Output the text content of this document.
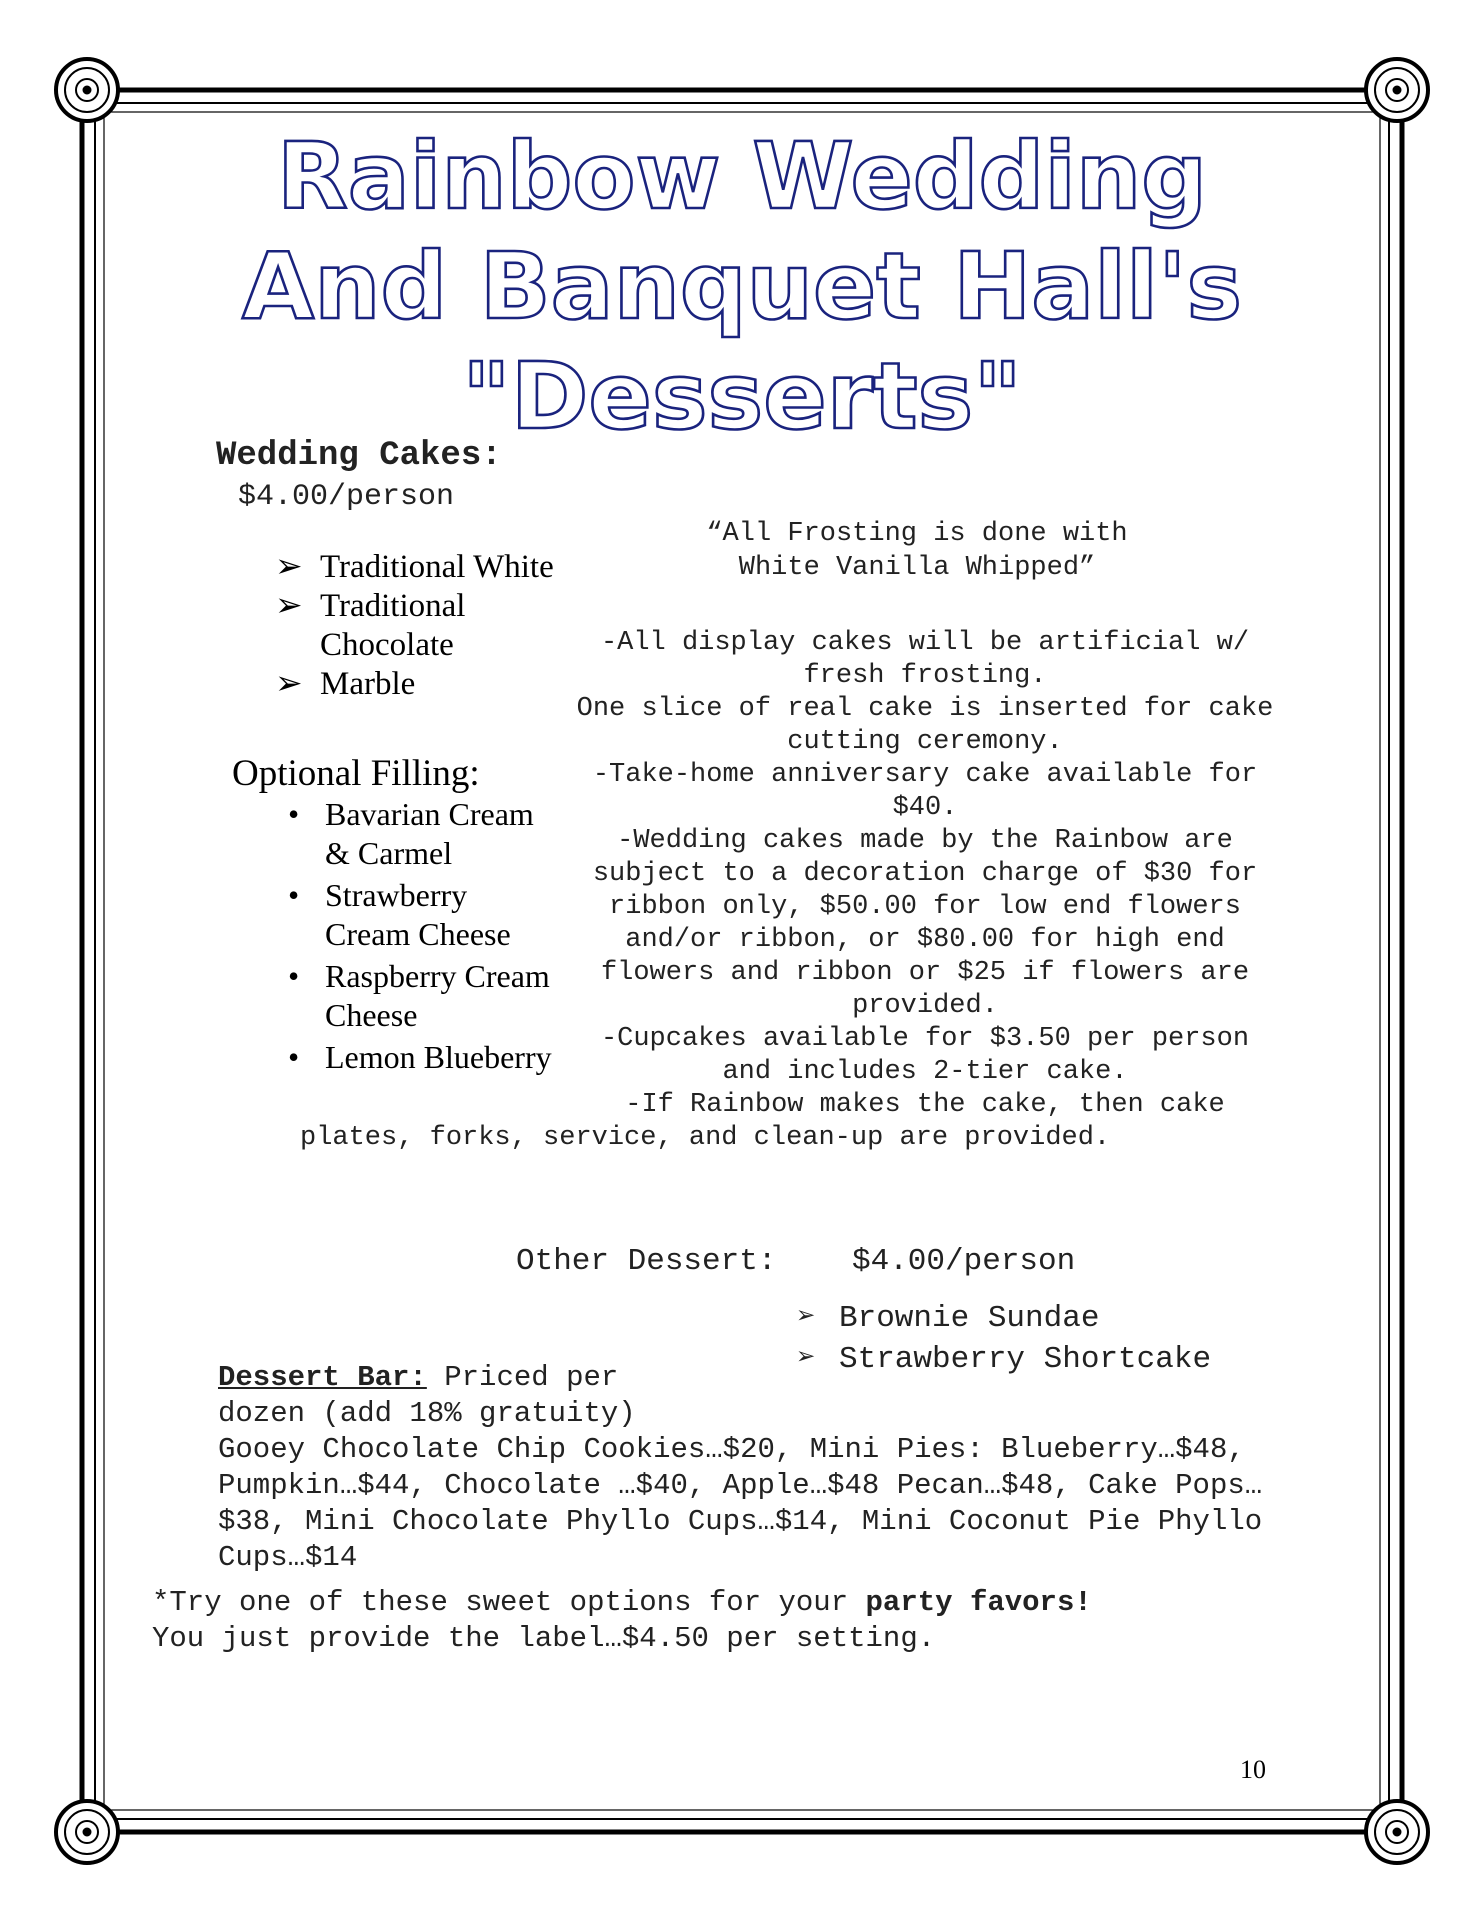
Rainbow Wedding
And Banquet Hall's
"Desserts"
Wedding Cakes:
$4.00/person
➢ Traditional White
➢ Traditional Chocolate
➢ Marble
Optional Filling:
• Bavarian Cream & Carmel
• Strawberry Cream Cheese
• Raspberry Cream Cheese
• Lemon Blueberry
“All Frosting is done with
White Vanilla Whipped”
-All display cakes will be artificial w/ fresh frosting.
One slice of real cake is inserted for cake cutting ceremony.
-Take-home anniversary cake available for $40.
-Wedding cakes made by the Rainbow are subject to a decoration charge of $30 for ribbon only, $50.00 for low end flowers and/or ribbon, or $80.00 for high end flowers and ribbon or $25 if flowers are provided.
-Cupcakes available for $3.50 per person and includes 2-tier cake.
-If Rainbow makes the cake, then cake
plates, forks, service, and clean-up are provided.
Other Dessert: $4.00/person
➢ Brownie Sundae
➢ Strawberry Shortcake
Dessert Bar: Priced per
dozen (add 18% gratuity)
Gooey Chocolate Chip Cookies…$20, Mini Pies: Blueberry…$48, Pumpkin…$44, Chocolate …$40, Apple…$48 Pecan…$48, Cake Pops…$38, Mini Chocolate Phyllo Cups…$14, Mini Coconut Pie Phyllo Cups…$14
*Try one of these sweet options for your party favors!
You just provide the label…$4.50 per setting.
10
